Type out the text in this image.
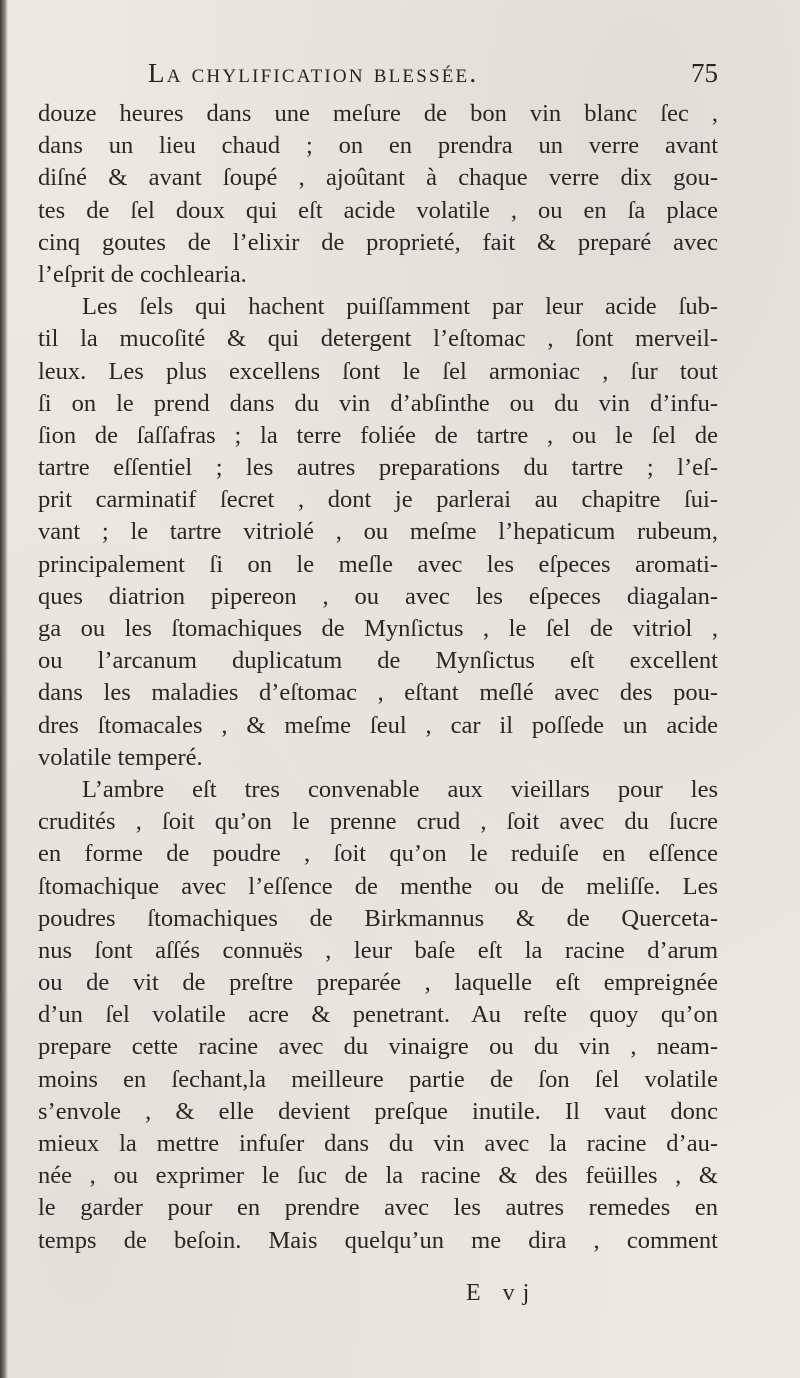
La chylification blessée.	75
douze heures dans une meſure de bon vin blanc ſec ,
dans un lieu chaud ; on en prendra un verre avant
diſné & avant ſoupé , ajoûtant à chaque verre dix gou-
tes de ſel doux qui eſt acide volatile , ou en ſa place
cinq goutes de l’elixir de proprieté, fait & preparé avec
l’eſprit de cochlearia.
Les ſels qui hachent puiſſamment par leur acide ſub-
til la mucoſité & qui detergent l’eſtomac , ſont merveil-
leux. Les plus excellens ſont le ſel armoniac , ſur tout
ſi on le prend dans du vin d’abſinthe ou du vin d’infu-
ſion de ſaſſafras ; la terre foliée de tartre , ou le ſel de
tartre eſſentiel ; les autres preparations du tartre ; l’eſ-
prit carminatif ſecret , dont je parlerai au chapitre ſui-
vant ; le tartre vitriolé , ou meſme l’hepaticum rubeum,
principalement ſi on le meſle avec les eſpeces aromati-
ques diatrion pipereon , ou avec les eſpeces diagalan-
ga ou les ſtomachiques de Mynſictus , le ſel de vitriol ,
ou l’arcanum duplicatum de Mynſictus eſt excellent
dans les maladies d’eſtomac , eſtant meſlé avec des pou-
dres ſtomacales , & meſme ſeul , car il poſſede un acide
volatile temperé.
L’ambre eſt tres convenable aux vieillars pour les
crudités , ſoit qu’on le prenne crud , ſoit avec du ſucre
en forme de poudre , ſoit qu’on le reduiſe en eſſence
ſtomachique avec l’eſſence de menthe ou de meliſſe. Les
poudres ſtomachiques de Birkmannus & de Querceta-
nus ſont aſſés connuës , leur baſe eſt la racine d’arum
ou de vit de preſtre preparée , laquelle eſt empreignée
d’un ſel volatile acre & penetrant. Au reſte quoy qu’on
prepare cette racine avec du vinaigre ou du vin , neam-
moins en ſechant,la meilleure partie de ſon ſel volatile
s’envole , & elle devient preſque inutile. Il vaut donc
mieux la mettre infuſer dans du vin avec la racine d’au-
née , ou exprimer le ſuc de la racine & des feüilles , &
le garder pour en prendre avec les autres remedes en
temps de beſoin. Mais quelqu’un me dira , comment
E vj
